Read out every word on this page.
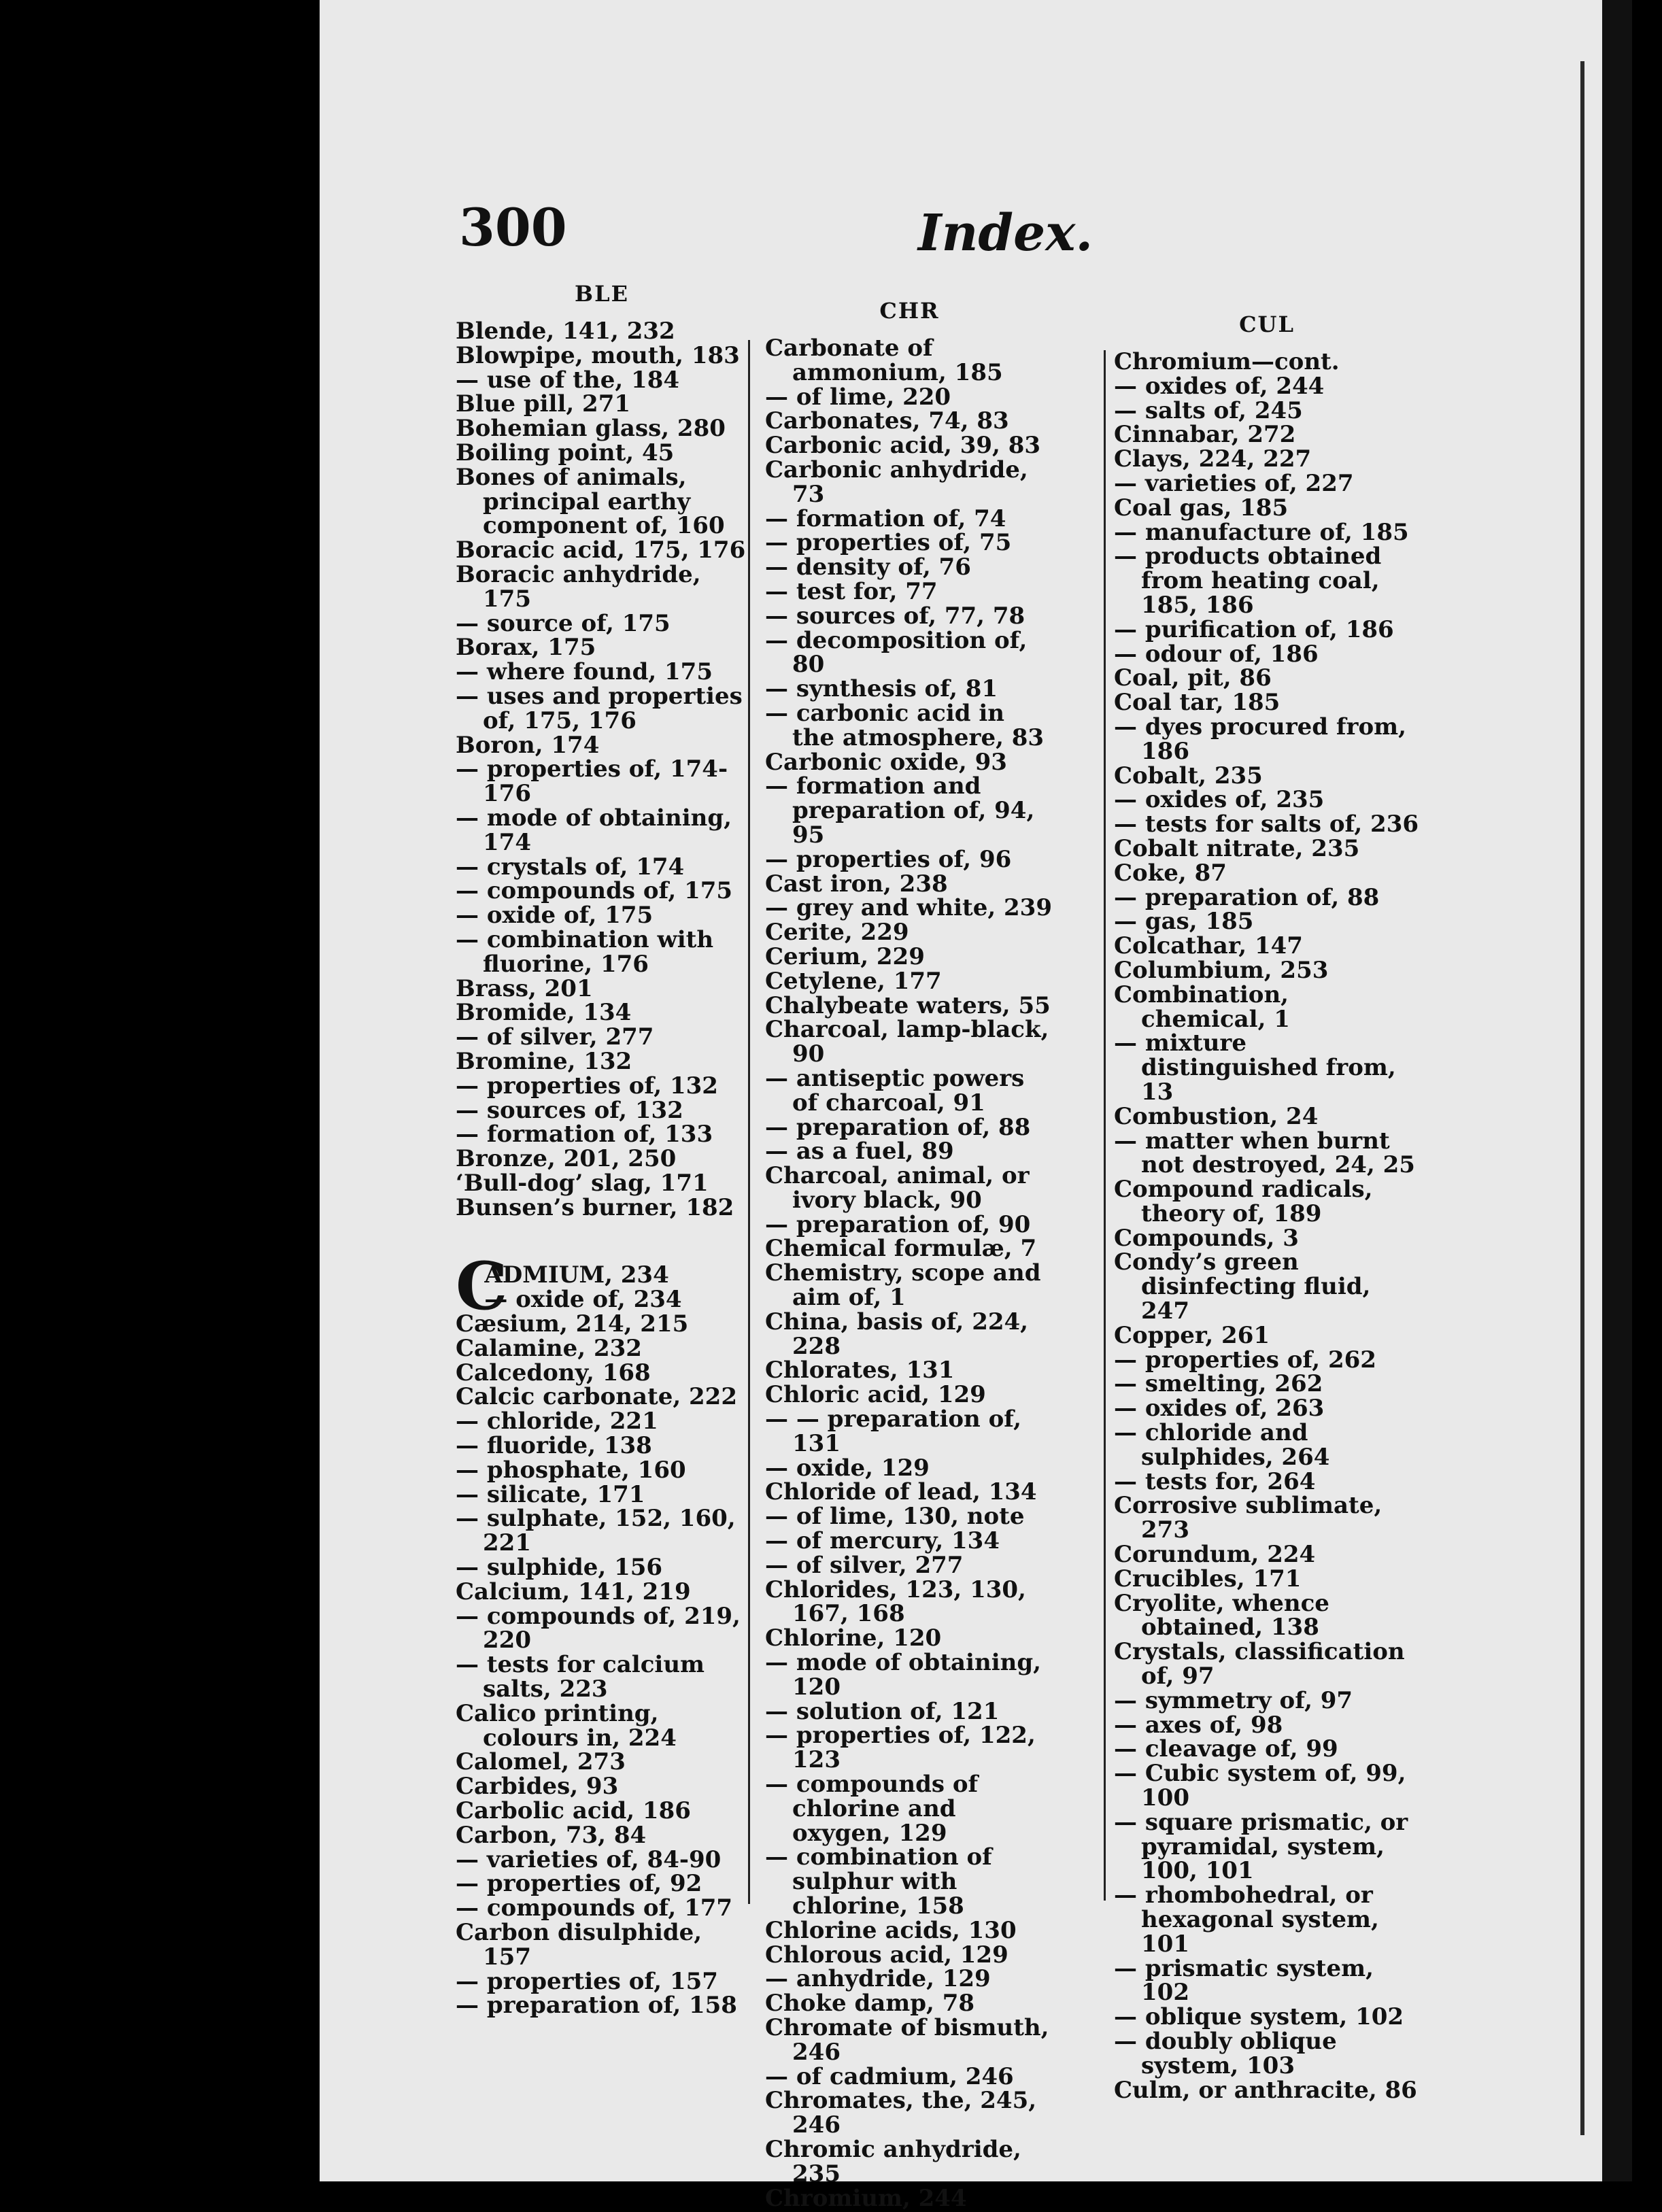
300	Index.
BLE
Blende, 141, 232
Blowpipe, mouth, 183
— use of the, 184
Blue pill, 271
Bohemian glass, 280
Boiling point, 45
Bones of animals, principal earthy component of, 160
Boracic acid, 175, 176
Boracic anhydride, 175
— source of, 175
Borax, 175
— where found, 175
— uses and properties of, 175, 176
Boron, 174
— properties of, 174-176
— mode of obtaining, 174
— crystals of, 174
— compounds of, 175
— oxide of, 175
— combination with fluorine, 176
Brass, 201
Bromide, 134
— of silver, 277
Bromine, 132
— properties of, 132
— sources of, 132
— formation of, 133
Bronze, 201, 250
‘Bull-dog’ slag, 171
Bunsen’s burner, 182
CADMIUM, 234
— oxide of, 234
Cæsium, 214, 215
Calamine, 232
Calcedony, 168
Calcic carbonate, 222
— chloride, 221
— fluoride, 138
— phosphate, 160
— silicate, 171
— sulphate, 152, 160, 221
— sulphide, 156
Calcium, 141, 219
— compounds of, 219, 220
— tests for calcium salts, 223
Calico printing, colours in, 224
Calomel, 273
Carbides, 93
Carbolic acid, 186
Carbon, 73, 84
— varieties of, 84-90
— properties of, 92
— compounds of, 177
Carbon disulphide, 157
— properties of, 157
— preparation of, 158
CHR
Carbonate of ammonium, 185
— of lime, 220
Carbonates, 74, 83
Carbonic acid, 39, 83
Carbonic anhydride, 73
— formation of, 74
— properties of, 75
— density of, 76
— test for, 77
— sources of, 77, 78
— decomposition of, 80
— synthesis of, 81
— carbonic acid in the atmosphere, 83
Carbonic oxide, 93
— formation and preparation of, 94, 95
— properties of, 96
Cast iron, 238
— grey and white, 239
Cerite, 229
Cerium, 229
Cetylene, 177
Chalybeate waters, 55
Charcoal, lamp-black, 90
— antiseptic powers of charcoal, 91
— preparation of, 88
— as a fuel, 89
Charcoal, animal, or ivory black, 90
— preparation of, 90
Chemical formulæ, 7
Chemistry, scope and aim of, 1
China, basis of, 224, 228
Chlorates, 131
Chloric acid, 129
— — preparation of, 131
— oxide, 129
Chloride of lead, 134
— of lime, 130, note
— of mercury, 134
— of silver, 277
Chlorides, 123, 130, 167, 168
Chlorine, 120
— mode of obtaining, 120
— solution of, 121
— properties of, 122, 123
— compounds of chlorine and oxygen, 129
— combination of sulphur with chlorine, 158
Chlorine acids, 130
Chlorous acid, 129
— anhydride, 129
Choke damp, 78
Chromate of bismuth, 246
— of cadmium, 246
Chromates, the, 245, 246
Chromic anhydride, 235
Chromium, 244
CUL
Chromium—cont.
— oxides of, 244
— salts of, 245
Cinnabar, 272
Clays, 224, 227
— varieties of, 227
Coal gas, 185
— manufacture of, 185
— products obtained from heating coal, 185, 186
— purification of, 186
— odour of, 186
Coal, pit, 86
Coal tar, 185
— dyes procured from, 186
Cobalt, 235
— oxides of, 235
— tests for salts of, 236
Cobalt nitrate, 235
Coke, 87
— preparation of, 88
— gas, 185
Colcathar, 147
Columbium, 253
Combination, chemical, 1
— mixture distinguished from, 13
Combustion, 24
— matter when burnt not destroyed, 24, 25
Compound radicals, theory of, 189
Compounds, 3
Condy’s green disinfecting fluid, 247
Copper, 261
— properties of, 262
— smelting, 262
— oxides of, 263
— chloride and sulphides, 264
— tests for, 264
Corrosive sublimate, 273
Corundum, 224
Crucibles, 171
Cryolite, whence obtained, 138
Crystals, classification of, 97
— symmetry of, 97
— axes of, 98
— cleavage of, 99
— Cubic system of, 99, 100
— square prismatic, or pyramidal, system, 100, 101
— rhombohedral, or hexagonal system, 101
— prismatic system, 102
— oblique system, 102
— doubly oblique system, 103
Culm, or anthracite, 86
